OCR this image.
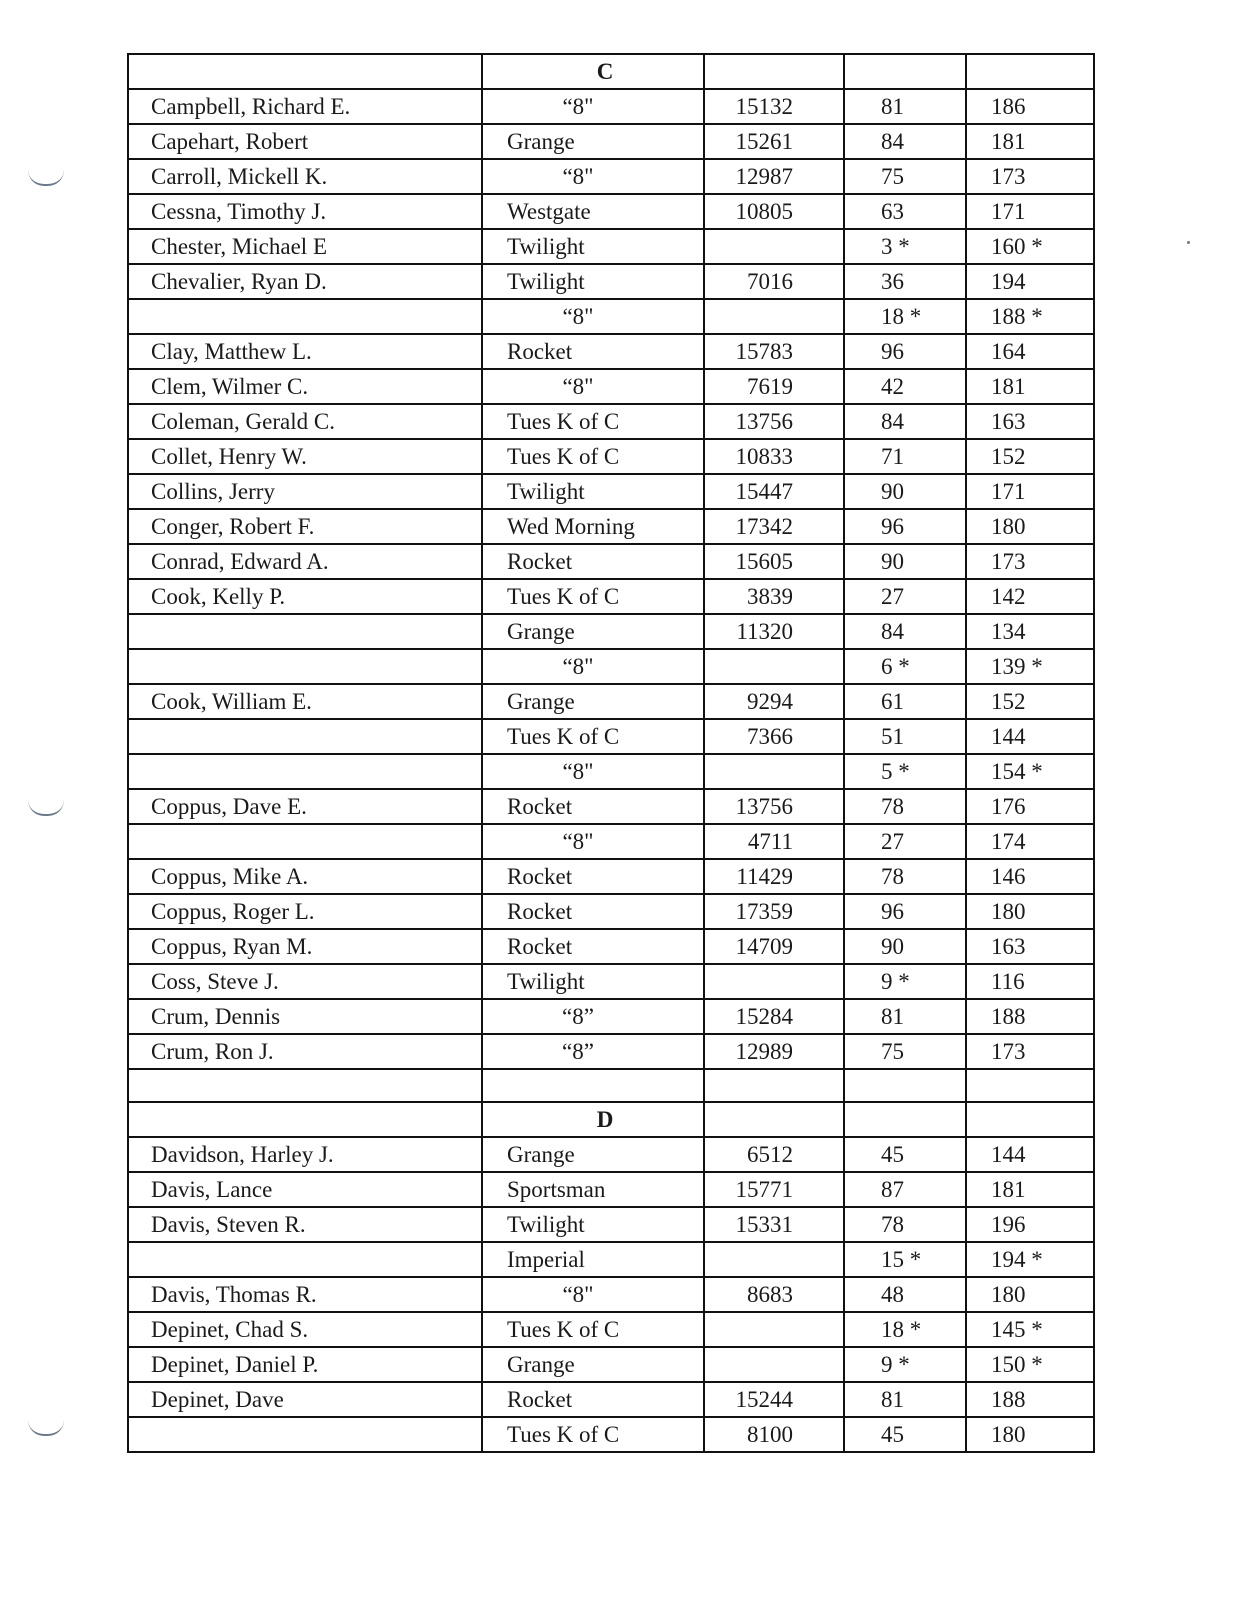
	C			
Campbell, Richard E.	“8"	15132	81	186
Capehart, Robert	Grange	15261	84	181
Carroll, Mickell K.	“8"	12987	75	173
Cessna, Timothy J.	Westgate	10805	63	171
Chester, Michael E	Twilight		3 *	160 *
Chevalier, Ryan D.	Twilight	7016	36	194
	“8"		18 *	188 *
Clay, Matthew L.	Rocket	15783	96	164
Clem, Wilmer C.	“8"	7619	42	181
Coleman, Gerald C.	Tues K of C	13756	84	163
Collet, Henry W.	Tues K of C	10833	71	152
Collins, Jerry	Twilight	15447	90	171
Conger, Robert F.	Wed Morning	17342	96	180
Conrad, Edward A.	Rocket	15605	90	173
Cook, Kelly P.	Tues K of C	3839	27	142
	Grange	11320	84	134
	“8"		6 *	139 *
Cook, William E.	Grange	9294	61	152
	Tues K of C	7366	51	144
	“8"		5 *	154 *
Coppus, Dave E.	Rocket	13756	78	176
	“8"	4711	27	174
Coppus, Mike A.	Rocket	11429	78	146
Coppus, Roger L.	Rocket	17359	96	180
Coppus, Ryan M.	Rocket	14709	90	163
Coss, Steve J.	Twilight		9 *	116
Crum, Dennis	“8”	15284	81	188
Crum, Ron J.	“8”	12989	75	173

	D			
Davidson, Harley J.	Grange	6512	45	144
Davis, Lance	Sportsman	15771	87	181
Davis, Steven R.	Twilight	15331	78	196
	Imperial		15 *	194 *
Davis, Thomas R.	“8"	8683	48	180
Depinet, Chad S.	Tues K of C		18 *	145 *
Depinet, Daniel P.	Grange		9 *	150 *
Depinet, Dave	Rocket	15244	81	188
	Tues K of C	8100	45	180
